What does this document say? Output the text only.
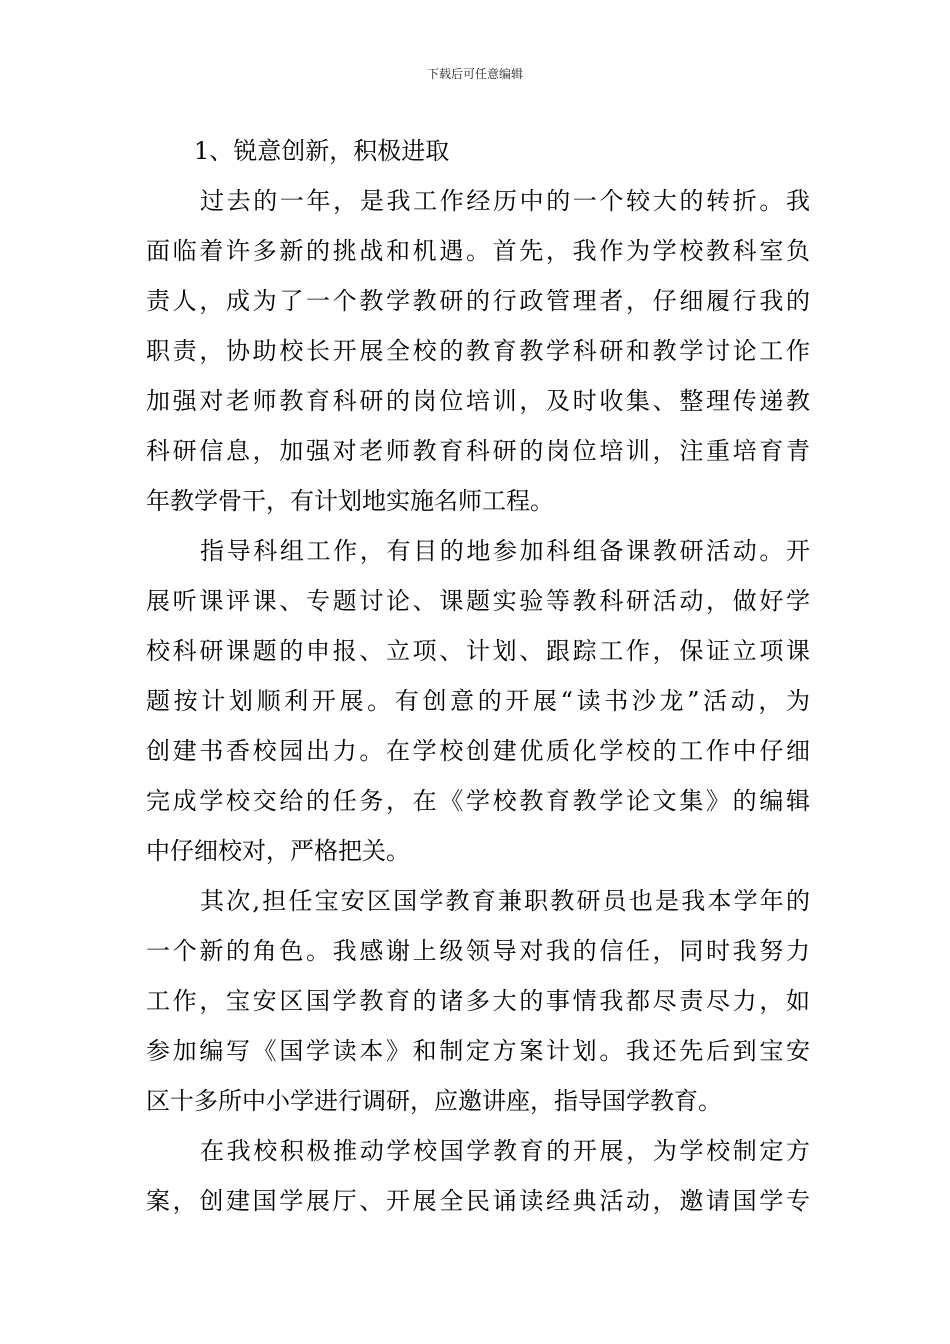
下载后可任意编辑
1、锐意创新，积极进取
过去的一年，是我工作经历中的一个较大的转折。我
面临着许多新的挑战和机遇。首先，我作为学校教科室负
责人，成为了一个教学教研的行政管理者，仔细履行我的
职责，协助校长开展全校的教育教学科研和教学讨论工作
加强对老师教育科研的岗位培训，及时收集、整理传递教
科研信息，加强对老师教育科研的岗位培训，注重培育青
年教学骨干，有计划地实施名师工程。
指导科组工作，有目的地参加科组备课教研活动。开
展听课评课、专题讨论、课题实验等教科研活动，做好学
校科研课题的申报、立项、计划、跟踪工作，保证立项课
题按计划顺利开展。有创意的开展“读书沙龙”活动，为
创建书香校园出力。在学校创建优质化学校的工作中仔细
完成学校交给的任务，在《学校教育教学论文集》的编辑
中仔细校对，严格把关。
其次,担任宝安区国学教育兼职教研员也是我本学年的
一个新的角色。我感谢上级领导对我的信任，同时我努力
工作，宝安区国学教育的诸多大的事情我都尽责尽力，如
参加编写《国学读本》和制定方案计划。我还先后到宝安
区十多所中小学进行调研，应邀讲座，指导国学教育。
在我校积极推动学校国学教育的开展，为学校制定方
案，创建国学展厅、开展全民诵读经典活动，邀请国学专
